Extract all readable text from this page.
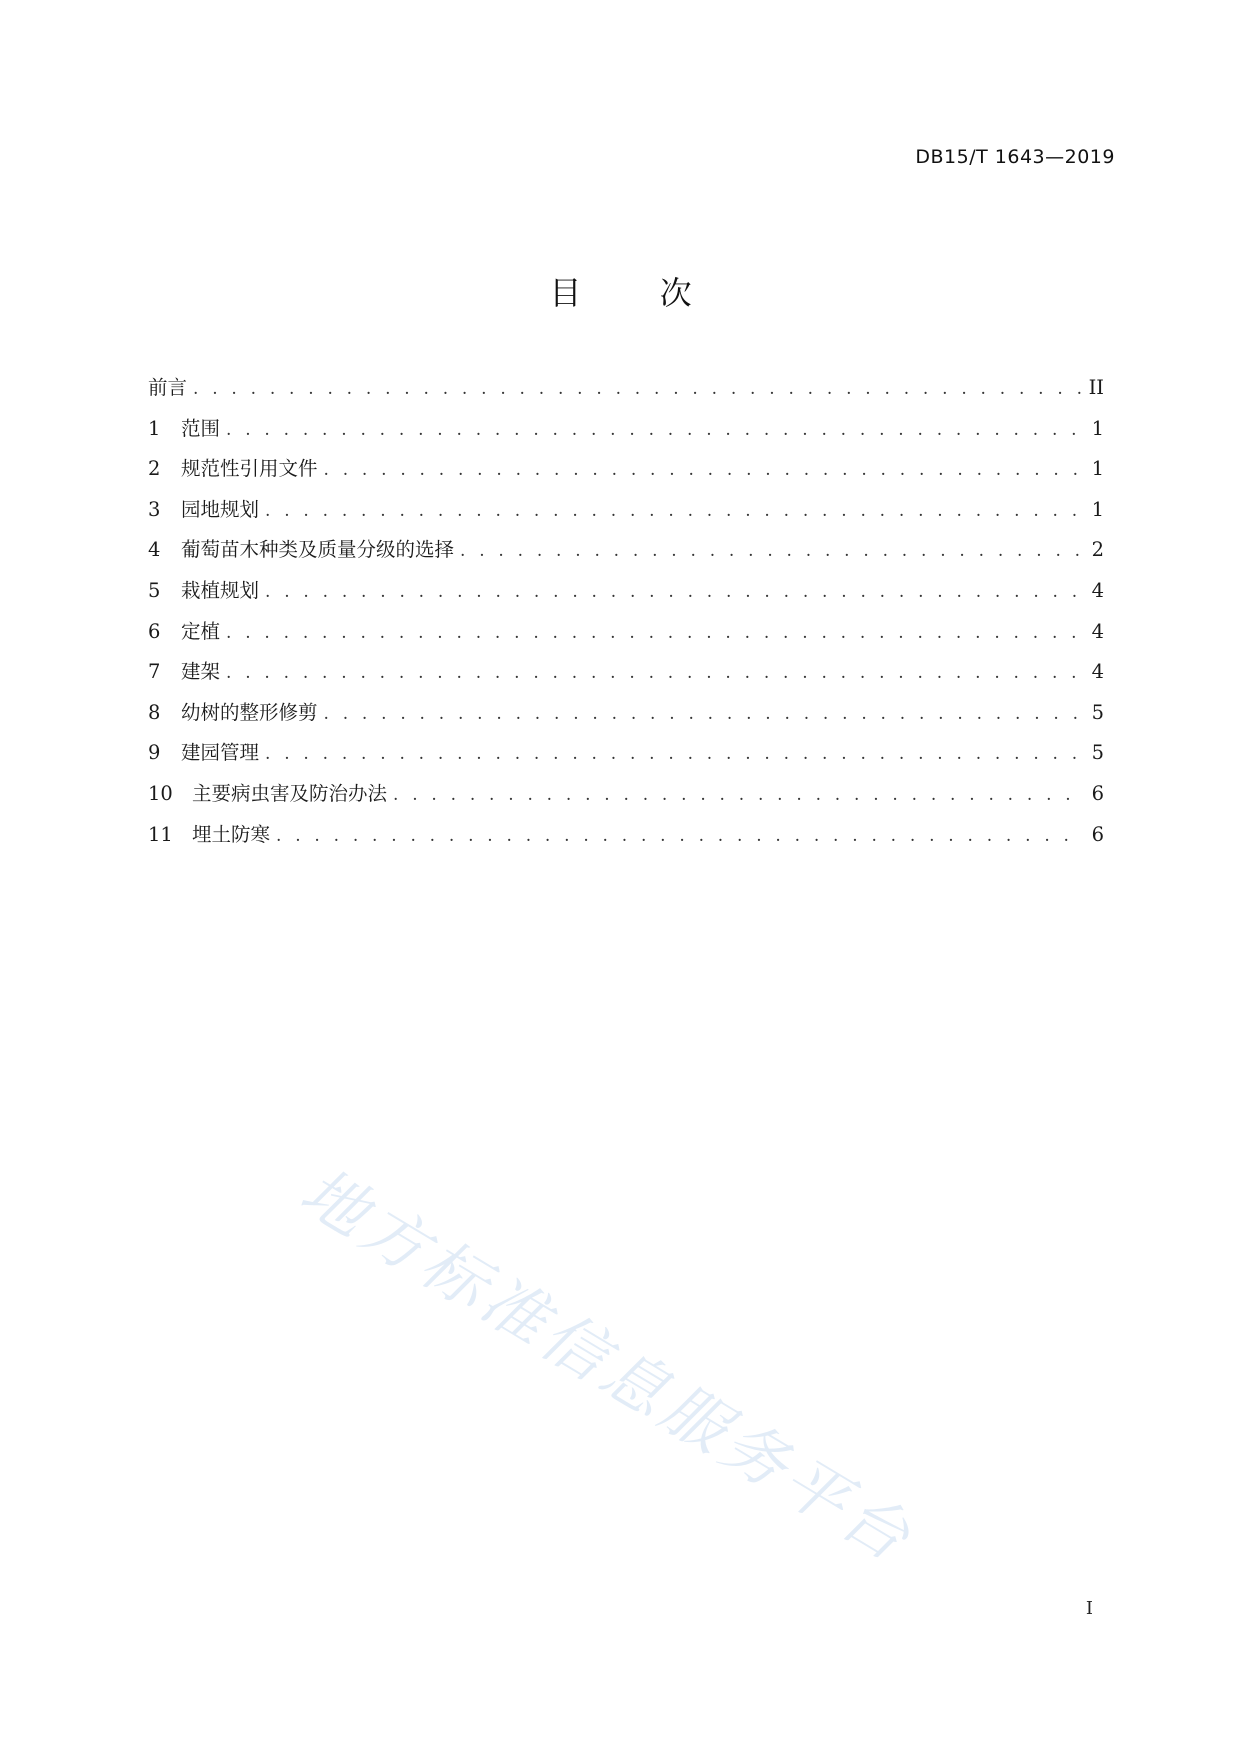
DB15/T 1643—2019
目 次
前言 . . .	II
1	范围 . . .	1
2	规范性引用文件 . . .	1
3	园地规划 . . .	1
4	葡萄苗木种类及质量分级的选择 . . .	2
5	栽植规划 . . .	4
6	定植 . . .	4
7	建架 . . .	4
8	幼树的整形修剪 . . .	5
9	建园管理 . . .	5
10 主要病虫害及防治办法 . . .	6
11 埋土防寒 . . .	6
地方标准信息服务平台
I
